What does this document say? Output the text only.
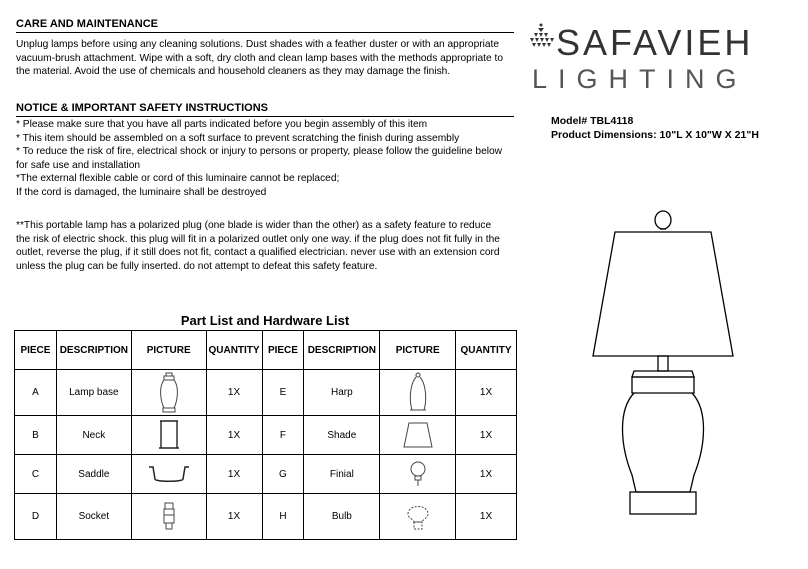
CARE AND MAINTENANCE
Unplug lamps before using any cleaning solutions. Dust shades with a feather duster or with an appropriate
vacuum-brush attachment. Wipe with a soft, dry cloth and clean lamp bases with the methods appropriate to
the material. Avoid the use of chemicals and household cleaners as they may damage the finish.
NOTICE & IMPORTANT SAFETY INSTRUCTIONS
* Please make sure that you have all parts indicated before you begin assembly of this item
* This item should be assembled on a soft surface to prevent scratching the finish during assembly
* To reduce the risk of fire, electrical shock or injury to persons or property, please follow the guideline below
for safe use and installation
*The external flexible cable or cord of this luminaire cannot be replaced;
If the cord is damaged, the luminaire shall be destroyed
**This portable lamp has a polarized plug (one blade is wider than the other) as a safety feature to reduce
the risk of electric shock. this plug will fit in a polarized outlet only one way. if the plug does not fit fully in the
outlet, reverse the plug, if it still does not fit, contact a qualified electrician. never use with an extension cord
unless the plug can be fully inserted. do not attempt to defeat this safety feature.
SAFAVIEH
LIGHTING
Model# TBL4118
Product Dimensions: 10"L X 10"W X 21"H
Part List and Hardware List
PIECE	DESCRIPTION	PICTURE	QUANTITY	PIECE	DESCRIPTION	PICTURE	QUANTITY
A	Lamp base		1X	E	Harp		1X
B	Neck		1X	F	Shade		1X
C	Saddle		1X	G	Finial		1X
D	Socket		1X	H	Bulb		1X
